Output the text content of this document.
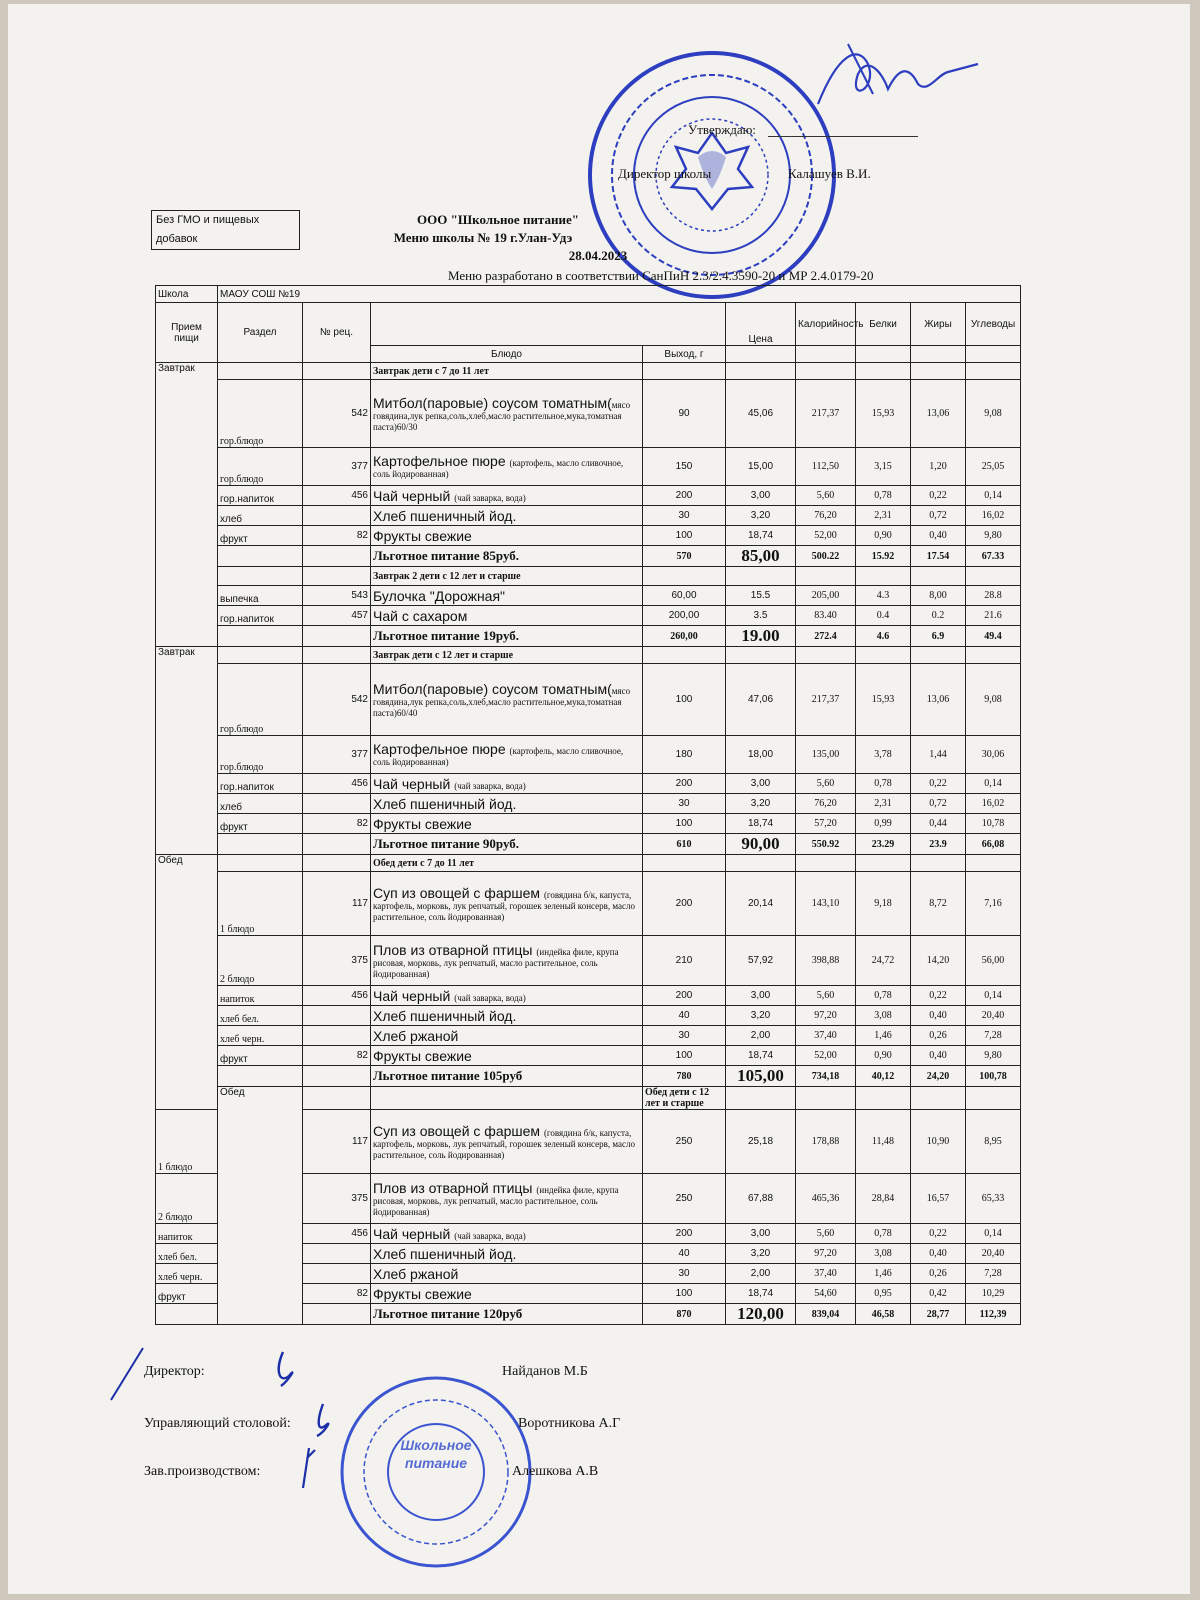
Утверждаю:
Директор школы	Калашуев В.И.
Без ГМО и пищевых добавок
ООО "Школьное питание"
Меню школы № 19 г.Улан-Удэ
28.04.2023
Меню разработано в соответствии СанПиН 2.3/2.4.3590-20 и МР 2.4.0179-20
Школа	МАОУ СОШ №19									
Прием пищи	Раздел	№ рец.			Цена	Калорийность	Белки	Жиры	Углеводы	
			Блюдо	Выход, г						
Завтрак			Завтрак дети с 7 до 11 лет							
	гор.блюдо	542	Митбол(паровые) соусом томатным(мясо говядина,лук репка,соль,хлеб,масло растительное,мука,томатная паста)60/30	90	45,06	217,37	15,93	13,06	9,08	
	гор.блюдо	377	Картофельное пюре (картофель, масло сливочное, соль йодированная)	150	15,00	112,50	3,15	1,20	25,05	
	гор.напиток	456	Чай черный (чай заварка, вода)	200	3,00	5,60	0,78	0,22	0,14	
	хлеб		Хлеб пшеничный йод.	30	3,20	76,20	2,31	0,72	16,02	
	фрукт	82	Фрукты свежие	100	18,74	52,00	0,90	0,40	9,80	
			Льготное питание 85руб.	570	85,00	500.22	15.92	17.54	67.33	
			Завтрак 2 дети с 12 лет и старше							
	выпечка	543	Булочка "Дорожная"	60,00	15.5	205,00	4.3	8,00	28.8	
	гор.напиток	457	Чай с сахаром	200,00	3.5	83.40	0.4	0.2	21.6	
			Льготное питание 19руб.	260,00	19.00	272.4	4.6	6.9	49.4	
Завтрак			Завтрак дети с 12 лет и старше							
	гор.блюдо	542	Митбол(паровые) соусом томатным(мясо говядина,лук репка,соль,хлеб,масло растительное,мука,томатная паста)60/40	100	47,06	217,37	15,93	13,06	9,08	
	гор.блюдо	377	Картофельное пюре (картофель, масло сливочное, соль йодированная)	180	18,00	135,00	3,78	1,44	30,06	
	гор.напиток	456	Чай черный (чай заварка, вода)	200	3,00	5,60	0,78	0,22	0,14	
	хлеб		Хлеб пшеничный йод.	30	3,20	76,20	2,31	0,72	16,02	
	фрукт	82	Фрукты свежие	100	18,74	57,20	0,99	0,44	10,78	
			Льготное питание 90руб.	610	90,00	550.92	23.29	23.9	66,08	
Обед			Обед дети с 7 до 11 лет							
	1 блюдо	117	Суп из овощей с фаршем (говядина б/к, капуста, картофель, морковь, лук репчатый, горошек зеленый консерв, масло растительное, соль йодированная)	200	20,14	143,10	9,18	8,72	7,16	
	2 блюдо	375	Плов из отварной птицы (индейка филе, крупа рисовая, морковь, лук репчатый, масло растительное, соль йодированная)	210	57,92	398,88	24,72	14,20	56,00	
	напиток	456	Чай черный (чай заварка, вода)	200	3,00	5,60	0,78	0,22	0,14	
	хлеб бел.		Хлеб пшеничный йод.	40	3,20	97,20	3,08	0,40	20,40	
	хлеб черн.		Хлеб ржаной	30	2,00	37,40	1,46	0,26	7,28	
	фрукт	82	Фрукты свежие	100	18,74	52,00	0,90	0,40	9,80	
			Льготное питание 105руб	780	105,00	734,18	40,12	24,20	100,78	
	Обед			Обед дети с 12 лет и старше						
1 блюдо		117	Суп из овощей с фаршем (говядина б/к, капуста, картофель, морковь, лук репчатый, горошек зеленый консерв, масло растительное, соль йодированная)	250	25,18	178,88	11,48	10,90	8,95	
2 блюдо		375	Плов из отварной птицы (индейка филе, крупа рисовая, морковь, лук репчатый, масло растительное, соль йодированная)	250	67,88	465,36	28,84	16,57	65,33	
напиток		456	Чай черный (чай заварка, вода)	200	3,00	5,60	0,78	0,22	0,14	
хлеб бел.			Хлеб пшеничный йод.	40	3,20	97,20	3,08	0,40	20,40	
хлеб черн.			Хлеб ржаной	30	2,00	37,40	1,46	0,26	7,28	
фрукт		82	Фрукты свежие	100	18,74	54,60	0,95	0,42	10,29	
			Льготное питание 120руб	870	120,00	839,04	46,58	28,77	112,39	
Школьное питание
Директор:	Найданов М.Б
Управляющий столовой:	Воротникова А.Г
Зав.производством:	Алешкова А.В
